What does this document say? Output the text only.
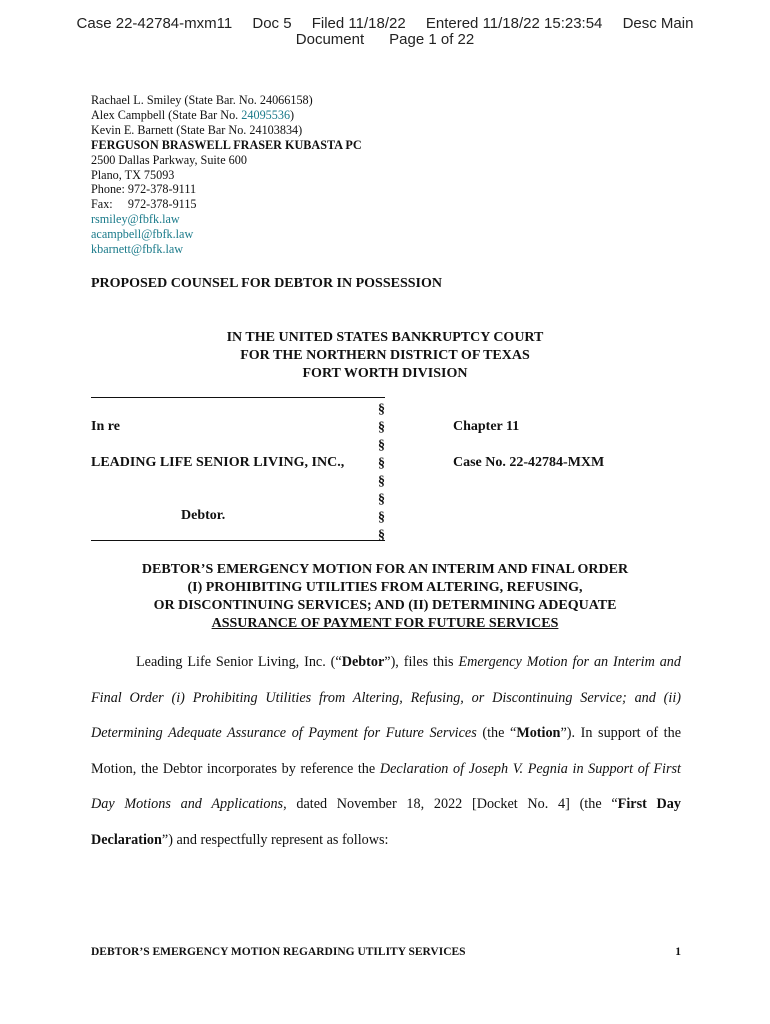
Case 22-42784-mxm11 Doc 5 Filed 11/18/22 Entered 11/18/22 15:23:54 Desc Main
Document Page 1 of 22
Rachael L. Smiley (State Bar. No. 24066158)
Alex Campbell (State Bar No. 24095536)
Kevin E. Barnett (State Bar No. 24103834)
FERGUSON BRASWELL FRASER KUBASTA PC
2500 Dallas Parkway, Suite 600
Plano, TX 75093
Phone: 972-378-9111
Fax:     972-378-9115
rsmiley@fbfk.law
acampbell@fbfk.law
kbarnett@fbfk.law
PROPOSED COUNSEL FOR DEBTOR IN POSSESSION
IN THE UNITED STATES BANKRUPTCY COURT
FOR THE NORTHERN DISTRICT OF TEXAS
FORT WORTH DIVISION
§
§
§
§
§
§
§
§
In re
LEADING LIFE SENIOR LIVING, INC.,
Debtor.
Chapter 11
Case No. 22-42784-MXM
DEBTOR’S EMERGENCY MOTION FOR AN INTERIM AND FINAL ORDER
(I) PROHIBITING UTILITIES FROM ALTERING, REFUSING,
OR DISCONTINUING SERVICES; AND (II) DETERMINING ADEQUATE
ASSURANCE OF PAYMENT FOR FUTURE SERVICES
Leading Life Senior Living, Inc. (“Debtor”), files this Emergency Motion for an Interim and Final Order (i) Prohibiting Utilities from Altering, Refusing, or Discontinuing Service; and (ii) Determining Adequate Assurance of Payment for Future Services (the “Motion”). In support of the Motion, the Debtor incorporates by reference the Declaration of Joseph V. Pegnia in Support of First Day Motions and Applications, dated November 18, 2022 [Docket No. 4] (the “First Day Declaration”) and respectfully represent as follows:
DEBTOR’S EMERGENCY MOTION REGARDING UTILITY SERVICES	1
